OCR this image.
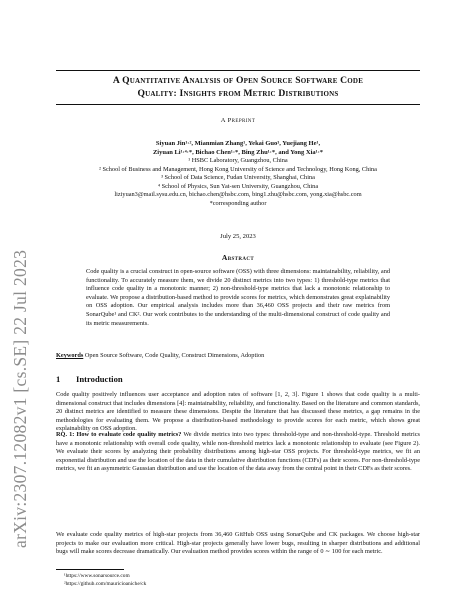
arXiv:2307.12082v1 [cs.SE] 22 Jul 2023
A Quantitative Analysis of Open Source Software Code
Quality: Insights from Metric Distributions
A Preprint
Siyuan Jin¹·², Mianmian Zhang¹, Yekai Guo³, Yuejiang He¹,
Ziyuan Li¹·⁴·*, Bichao Chen¹·*, Bing Zhu¹·*, and Yong Xia¹·*
¹ HSBC Laboratory, Guangzhou, China
² School of Business and Management, Hong Kong University of Science and Technology, Hong Kong, China
³ School of Data Science, Fudan University, Shanghai, China
⁴ School of Physics, Sun Yat-sen University, Guangzhou, China
liziyuan3@mail.sysu.edu.cn, bichao.chen@hsbc.com, bing1.zhu@hsbc.com, yong.xia@hsbc.com
*corresponding author
July 25, 2023
Abstract
Code quality is a crucial construct in open-source software (OSS) with three dimensions: maintainability, reliability, and functionality. To accurately measure them, we divide 20 distinct metrics into two types: 1) threshold-type metrics that influence code quality in a monotonic manner; 2) non-threshold-type metrics that lack a monotonic relationship to evaluate. We propose a distribution-based method to provide scores for metrics, which demonstrates great explainability on OSS adoption. Our empirical analysis includes more than 36,460 OSS projects and their raw metrics from SonarQube¹ and CK². Our work contributes to the understanding of the multi-dimensional construct of code quality and its metric measurements.
Keywords Open Source Software, Code Quality, Construct Dimensions, Adoption
1 Introduction
Code quality positively influences user acceptance and adoption rates of software [1, 2, 3]. Figure 1 shows that code quality is a multi-dimensional construct that includes dimensions [4]: maintainability, reliability, and functionality. Based on the literature and common standards, 20 distinct metrics are identified to measure these dimensions. Despite the literature that has discussed these metrics, a gap remains in the methodologies for evaluating them. We propose a distribution-based methodology to provide scores for each metric, which shows great explainability on OSS adoption.
RQ. 1: How to evaluate code quality metrics? We divide metrics into two types: threshold-type and non-threshold-type. Threshold metrics have a monotonic relationship with overall code quality, while non-threshold metrics lack a monotonic relationship to evaluate (see Figure 2). We evaluate their scores by analyzing their probability distributions among high-star OSS projects. For threshold-type metrics, we fit an exponential distribution and use the location of the data in their cumulative distribution functions (CDFs) as their scores. For non-threshold-type metrics, we fit an asymmetric Gaussian distribution and use the location of the data away from the central point in their CDFs as their scores.
We evaluate code quality metrics of high-star projects from 36,460 GitHub OSS using SonarQube and CK packages. We choose high-star projects to make our evaluation more critical. High-star projects generally have lower bugs, resulting in sharper distributions and additional bugs will make scores decrease dramatically. Our evaluation method provides scores within the range of 0 ∼ 100 for each metric.
¹https://www.sonarsource.com
²https://github.com/mauricioaniche/ck
